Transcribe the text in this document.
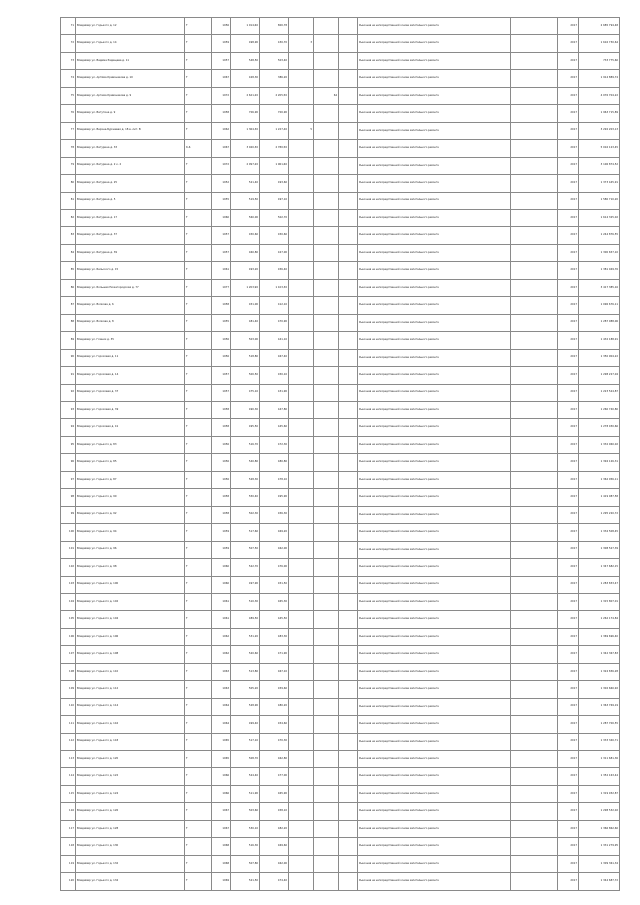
71	Владимир ул. Горького д. 12	Т	1956	1 014,60	800,78				Рыночная на непосредственной основе капитального ремонта		2017	2 685 794,48
72	Владимир ул. Горького д. 14	Т	1959	498,90	430,70	3			Рыночная на непосредственной основе капитального ремонта		2017	1 616 730,64
73	Владимир ул. Вадима Радищева д. 11	Т	1957	548,50	503,40				Рыночная на непосредственной основе капитального ремонта		2017	733 775,60
74	Владимир ул. Артёма Кривонакова д. 10	Т	1967	428,30	386,20				Рыночная на непосредственной основе капитального ремонта		2017	1 914 889,74
75	Владимир ул. Артема Кривонакова д. 9	Т	1972	2 621,20	2 205,50		64		Рыночная на непосредственной основе капитального ремонта		2017	4 076 704,22
76	Владимир ул. Ватутина д. 9	Т	1958	706,90	700,90				Рыночная на непосредственной основе капитального ремонта		2017	1 963 715,89
77	Владимир ул. Верхне-Буржевая д. 18 в. лит. В	Т	1962	1 364,30	1 227,40	5			Рыночная на непосредственной основе капитального ремонта		2017	3 292 203,13
78	Владимир ул. Батурина д. 33	К-6	1967	3 040,30	2 780,50				Рыночная на непосредственной основе капитального ремонта		2017	5 016 123,45
79	Владимир ул. Батурина д. 2 к. 2	Т	1972	2 097,20	1 961,60				Рыночная на непосредственной основе капитального ремонта		2017	3 106 874,52
80	Владимир ул. Батурина д. 25	Т	1952	521,40	493,60				Рыночная на непосредственной основе капитального ремонта		2017	1 373 445,91
81	Владимир ул. Батурина д. 5	Т	1955	519,50	497,10				Рыночная на непосредственной основе капитального ремонта		2017	1 580 710,20
82	Владимир ул. Батурина д. 17	Т	1960	560,00	502,70				Рыночная на непосредственной основе капитального ремонта		2017	1 614 325,02
83	Владимир ул. Батурина д. 37	Т	1957	450,60	450,60				Рыночная на непосредственной основе капитального ремонта		2017	1 244 876,55
84	Владимир ул. Батурина д. 39	Т	1957	460,80	427,00				Рыночная на непосредственной основе капитального ремонта		2017	1 300 657,10
85	Владимир ул. Бельского д. 15	Т	1961	493,20	456,40				Рыночная на непосредственной основе капитального ремонта		2017	1 381 049,76
86	Владимир ул. Большая Нижегородская д. 77	Т	1977	1 203,90	1 103,30				Рыночная на непосредственной основе капитального ремонта		2017	3 417 385,16
87	Владимир ул. Волкова д. 6	Т	1958	451,00	412,10				Рыночная на непосредственной основе капитального ремонта		2017	1 096 676,11
88	Владимир ул. Волкова д. 8	Т	1955	481,40	470,90				Рыночная на непосредственной основе капитального ремонта		2017	1 287 088,06
89	Владимир ул. Глинки д. 35	Т	1956	503,00	441,10				Рыночная на непосредственной основе капитального ремонта		2017	1 432 188,91
90	Владимир ул. Гороховая д. 11	Т	1956	518,80	467,40				Рыночная на непосредственной основе капитального ремонта		2017	1 350 904,22
91	Владимир ул. Гороховая д. 14	Т	1957	500,50	450,10				Рыночная на непосредственной основе капитального ремонта		2017	1 298 227,04
92	Владимир ул. Гороховая д. 37	Т	1957	475,10	431,90				Рыночная на непосредственной основе капитального ремонта		2017	1 223 524,87
93	Владимир ул. Гороховая д. 39	Т	1958	490,30	447,80				Рыночная на непосредственной основе капитального ремонта		2017	1 260 740,80
94	Владимир ул. Гороховая д. 41	Т	1958	495,50	445,60				Рыночная на непосредственной основе капитального ремонта		2017	1 278 030,66
95	Владимир ул. Горького д. 83	Т	1956	516,70	472,30				Рыночная на непосредственной основе капитального ремонта		2017	1 332 060,02
96	Владимир ул. Горького д. 85	Т	1956	540,80	480,80				Рыночная на непосредственной основе капитального ремонта		2017	1 394 126,31
97	Владимир ул. Горького д. 87	Т	1956	528,30	478,10				Рыночная на непосредственной основе капитального ремонта		2017	1 362 056,11
98	Владимир ул. Горького д. 90	Т	1958	550,40	495,90				Рыночная на непосредственной основе капитального ремонта		2017	1 419 087,58
99	Владимир ул. Горького д. 92	Т	1958	502,30	456,30				Рыночная на непосредственной основе капитального ремонта		2017	1 295 220,72
100	Владимир ул. Горького д. 94	Т	1959	517,60	469,20				Рыночная на непосредственной основе капитального ремонта		2017	1 334 508,45
101	Владимир ул. Горького д. 96	Т	1959	507,50	462,00				Рыночная на непосредственной основе капитального ремонта		2017	1 308 527,39
102	Владимир ул. Горького д. 98	Т	1960	522,70	476,00				Рыночная на непосредственной основе капитального ремонта		2017	1 347 682,15
103	Владимир ул. Горького д. 100	Т	1960	497,90	451,50				Рыночная на непосредственной основе капитального ремонта		2017	1 283 833,47
104	Владимир ул. Горького д. 102	Т	1961	510,30	465,30				Рыночная на непосредственной основе капитального ремонта		2017	1 315 807,01
105	Владимир ул. Горького д. 104	Т	1961	489,50	445,50				Рыночная на непосредственной основе капитального ремонта		2017	1 262 174,84
106	Владимир ул. Горького д. 106	Т	1962	531,20	483,30				Рыночная на непосредственной основе капитального ремонта		2017	1 369 696,40
107	Владимир ул. Горького д. 108	Т	1962	520,60	471,90				Рыночная на непосредственной основе капитального ремонта		2017	1 342 367,83
108	Владимир ул. Горького д. 110	Т	1963	513,80	467,10				Рыночная на непосредственной основе капитального ремонта		2017	1 324 836,28
109	Владимир ул. Горького д. 112	Т	1963	505,20	459,60				Рыночная на непосредственной основе капитального ремонта		2017	1 302 660,92
110	Владимир ул. Горького д. 114	Т	1964	528,90	480,20				Рыночная на непосредственной основе капитального ремонта		2017	1 363 769,19
111	Владимир ул. Горького д. 116	Т	1964	499,40	454,60				Рыночная на непосредственной основе капитального ремонта		2017	1 287 700,55
112	Владимир ул. Горького д. 118	Т	1965	517,10	470,30				Рыночная на непосредственной основе капитального ремонта		2017	1 333 340,71
113	Владимир ул. Горького д. 120	Т	1965	508,70	462,80				Рыночная на непосредственной основе капитального ремонта		2017	1 311 681,36
114	Владимир ул. Горького д. 122	Т	1966	524,40	477,00				Рыночная на непосредственной основе капитального ремонта		2017	1 352 163,44
115	Владимир ул. Горького д. 124	Т	1966	511,90	465,90				Рыночная на непосредственной основе капитального ремонта		2017	1 319 932,87
116	Владимир ул. Горького д. 126	Т	1967	503,60	458,10				Рыночная на непосредственной основе капитального ремонта		2017	1 298 532,02
117	Владимир ул. Горького д. 128	Т	1967	530,10	482,20				Рыночная на непосредственной основе капитального ремонта		2017	1 366 862,60
118	Владимир ул. Горького д. 130	Т	1968	516,30	469,60				Рыночная на непосредственной основе капитального ремонта		2017	1 331 279,95
119	Владимир ул. Горького д. 132	Т	1968	507,80	462,00				Рыночная на непосредственной основе капитального ремонта		2017	1 309 361,34
120	Владимир ул. Горького д. 134	Т	1969	521,50	474,40				Рыночная на непосредственной основе капитального ремонта		2017	1 344 687,72
